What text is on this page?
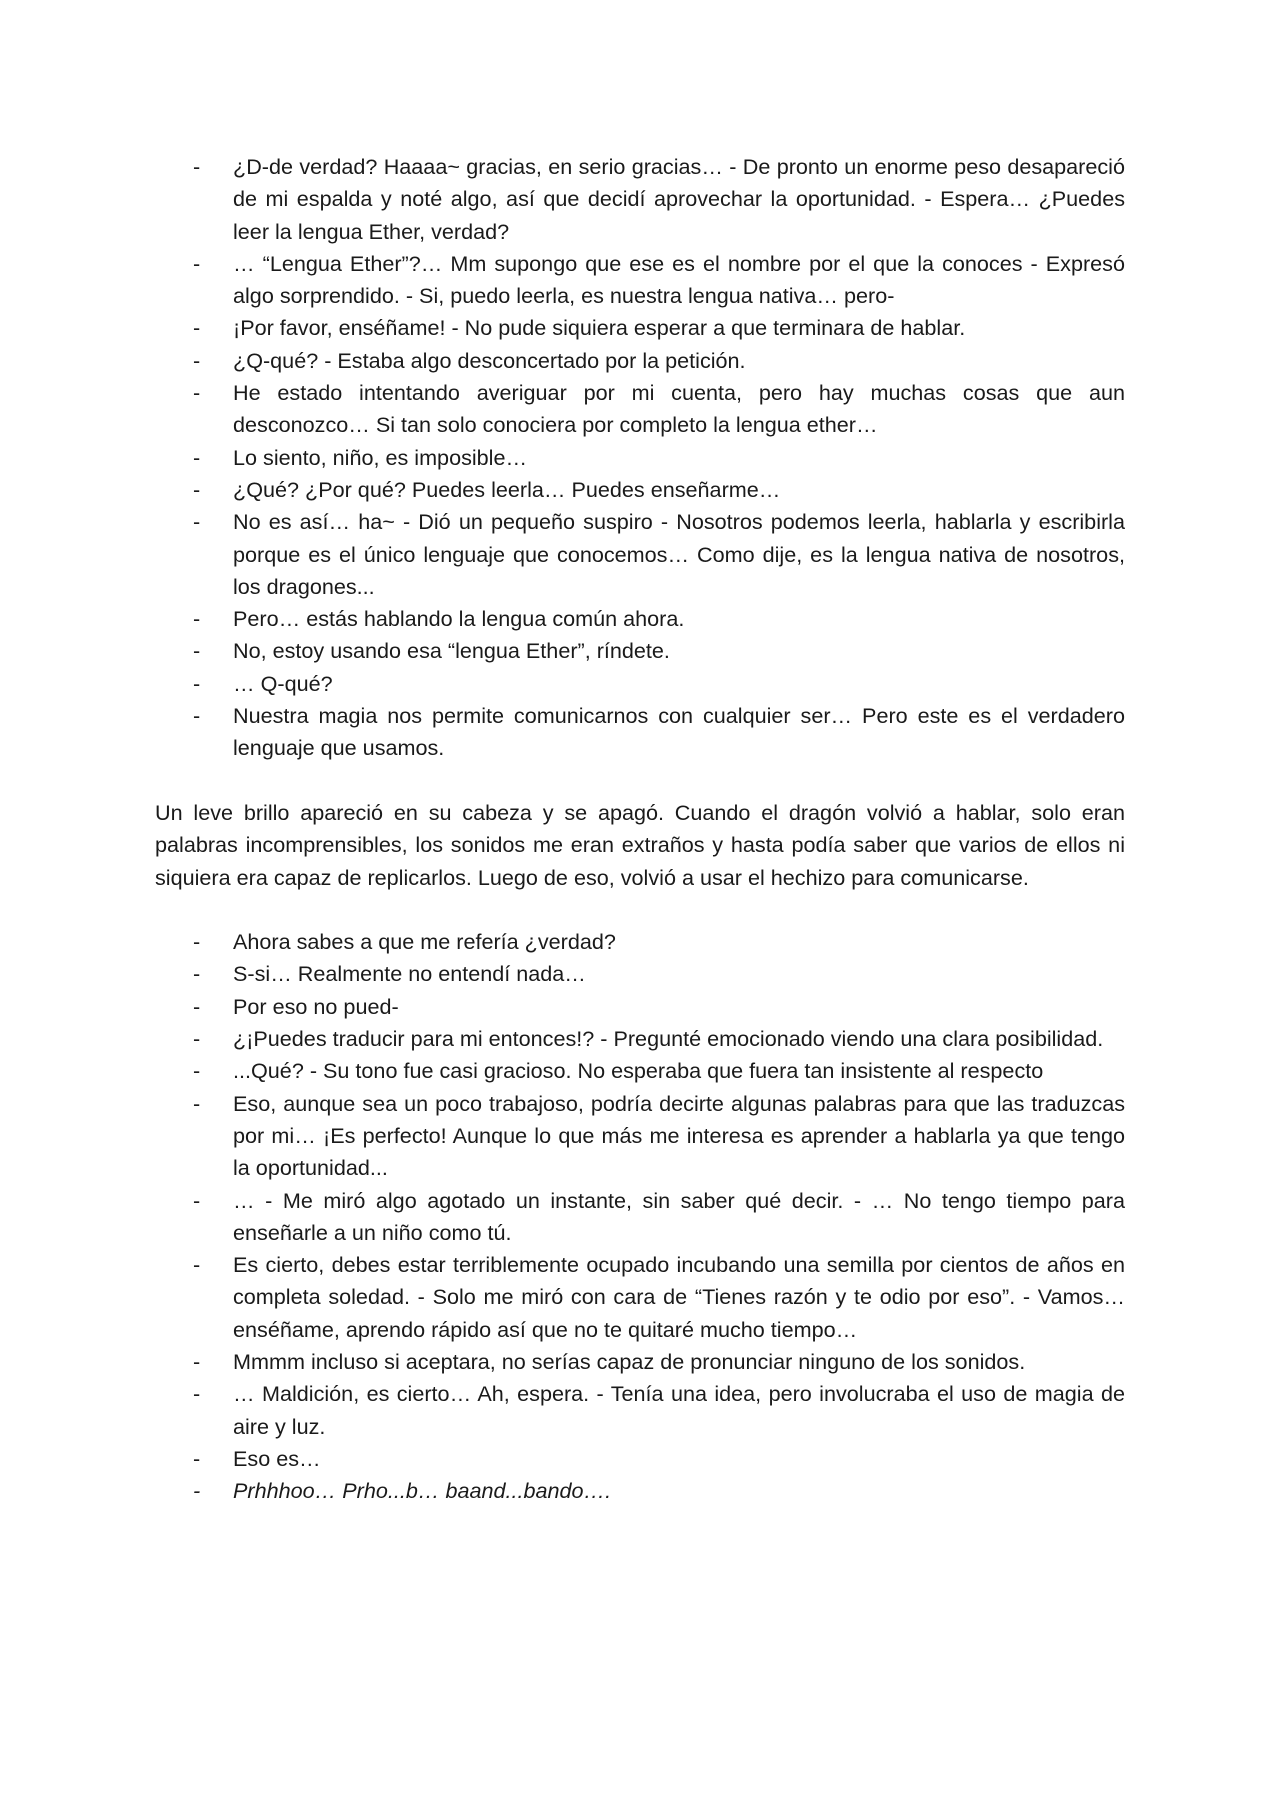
- ¿D-de verdad? Haaaa~ gracias, en serio gracias… - De pronto un enorme peso desapareció de mi espalda y noté algo, así que decidí aprovechar la oportunidad. - Espera… ¿Puedes leer la lengua Ether, verdad?
- … “Lengua Ether”?… Mm supongo que ese es el nombre por el que la conoces - Expresó algo sorprendido. - Si, puedo leerla, es nuestra lengua nativa… pero-
- ¡Por favor, enséñame! - No pude siquiera esperar a que terminara de hablar.
- ¿Q-qué? - Estaba algo desconcertado por la petición.
- He estado intentando averiguar por mi cuenta, pero hay muchas cosas que aun desconozco… Si tan solo conociera por completo la lengua ether…
- Lo siento, niño, es imposible…
- ¿Qué? ¿Por qué? Puedes leerla… Puedes enseñarme…
- No es así… ha~ - Dió un pequeño suspiro - Nosotros podemos leerla, hablarla y escribirla porque es el único lenguaje que conocemos… Como dije, es la lengua nativa de nosotros, los dragones...
- Pero… estás hablando la lengua común ahora.
- No, estoy usando esa “lengua Ether”, ríndete.
- … Q-qué?
- Nuestra magia nos permite comunicarnos con cualquier ser… Pero este es el verdadero lenguaje que usamos.

Un leve brillo apareció en su cabeza y se apagó. Cuando el dragón volvió a hablar, solo eran palabras incomprensibles, los sonidos me eran extraños y hasta podía saber que varios de ellos ni siquiera era capaz de replicarlos. Luego de eso, volvió a usar el hechizo para comunicarse.

- Ahora sabes a que me refería ¿verdad?
- S-si… Realmente no entendí nada…
- Por eso no pued-
- ¿¡Puedes traducir para mi entonces!? - Pregunté emocionado viendo una clara posibilidad.
- ...Qué? - Su tono fue casi gracioso. No esperaba que fuera tan insistente al respecto
- Eso, aunque sea un poco trabajoso, podría decirte algunas palabras para que las traduzcas por mi… ¡Es perfecto! Aunque lo que más me interesa es aprender a hablarla ya que tengo la oportunidad...
- … - Me miró algo agotado un instante, sin saber qué decir. - … No tengo tiempo para enseñarle a un niño como tú.
- Es cierto, debes estar terriblemente ocupado incubando una semilla por cientos de años en completa soledad. - Solo me miró con cara de “Tienes razón y te odio por eso”. - Vamos… enséñame, aprendo rápido así que no te quitaré mucho tiempo…
- Mmmm incluso si aceptara, no serías capaz de pronunciar ninguno de los sonidos.
- … Maldición, es cierto… Ah, espera. - Tenía una idea, pero involucraba el uso de magia de aire y luz.
- Eso es…
- Prhhhoo… Prho...b… baand...bando….
